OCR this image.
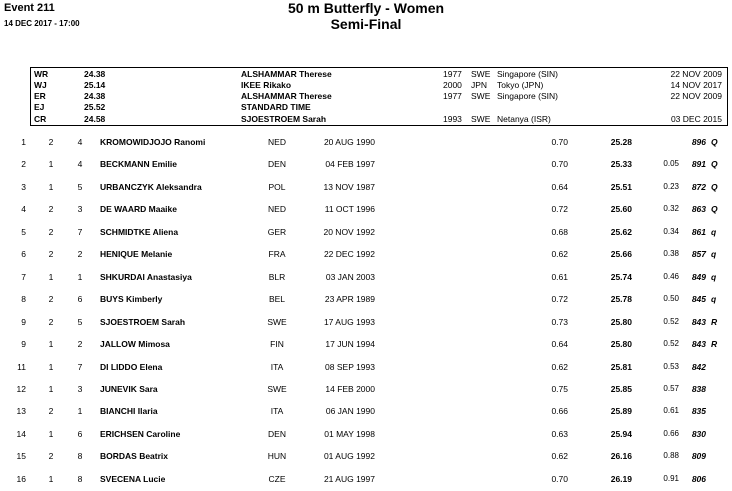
Event 211
14 DEC 2017 - 17:00
50 m Butterfly - Women
Semi-Final
WR	24.38	ALSHAMMAR Therese	1977 SWE Singapore (SIN)	22 NOV 2009
WJ	25.14	IKEE Rikako	2000 JPN Tokyo (JPN)	14 NOV 2017
ER	24.38	ALSHAMMAR Therese	1977 SWE Singapore (SIN)	22 NOV 2009
EJ	25.52	STANDARD TIME
CR	24.58	SJOESTROEM Sarah	1993 SWE Netanya (ISR)	03 DEC 2015
1	2	4 KROMOWIDJOJO Ranomi	NED	20 AUG 1990	0.70	25.28	896 Q
2	1	4 BECKMANN Emilie	DEN	04 FEB 1997	0.70	25.33	0.05	891 Q
3	1	5 URBANCZYK Aleksandra	POL	13 NOV 1987	0.64	25.51	0.23	872 Q
4	2	3 DE WAARD Maaike	NED	11 OCT 1996	0.72	25.60	0.32	863 Q
5	2	7 SCHMIDTKE Aliena	GER	20 NOV 1992	0.68	25.62	0.34	861 q
6	2	2 HENIQUE Melanie	FRA	22 DEC 1992	0.62	25.66	0.38	857 q
7	1	1 SHKURDAI Anastasiya	BLR	03 JAN 2003	0.61	25.74	0.46	849 q
8	2	6 BUYS Kimberly	BEL	23 APR 1989	0.72	25.78	0.50	845 q
9	2	5 SJOESTROEM Sarah	SWE	17 AUG 1993	0.73	25.80	0.52	843 R
9	1	2 JALLOW Mimosa	FIN	17 JUN 1994	0.64	25.80	0.52	843 R
11	1	7 DI LIDDO Elena	ITA	08 SEP 1993	0.62	25.81	0.53	842
12	1	3 JUNEVIK Sara	SWE	14 FEB 2000	0.75	25.85	0.57	838
13	2	1 BIANCHI Ilaria	ITA	06 JAN 1990	0.66	25.89	0.61	835
14	1	6 ERICHSEN Caroline	DEN	01 MAY 1998	0.63	25.94	0.66	830
15	2	8 BORDAS Beatrix	HUN	01 AUG 1992	0.62	26.16	0.88	809
16	1	8 SVECENA Lucie	CZE	21 AUG 1997	0.70	26.19	0.91	806
